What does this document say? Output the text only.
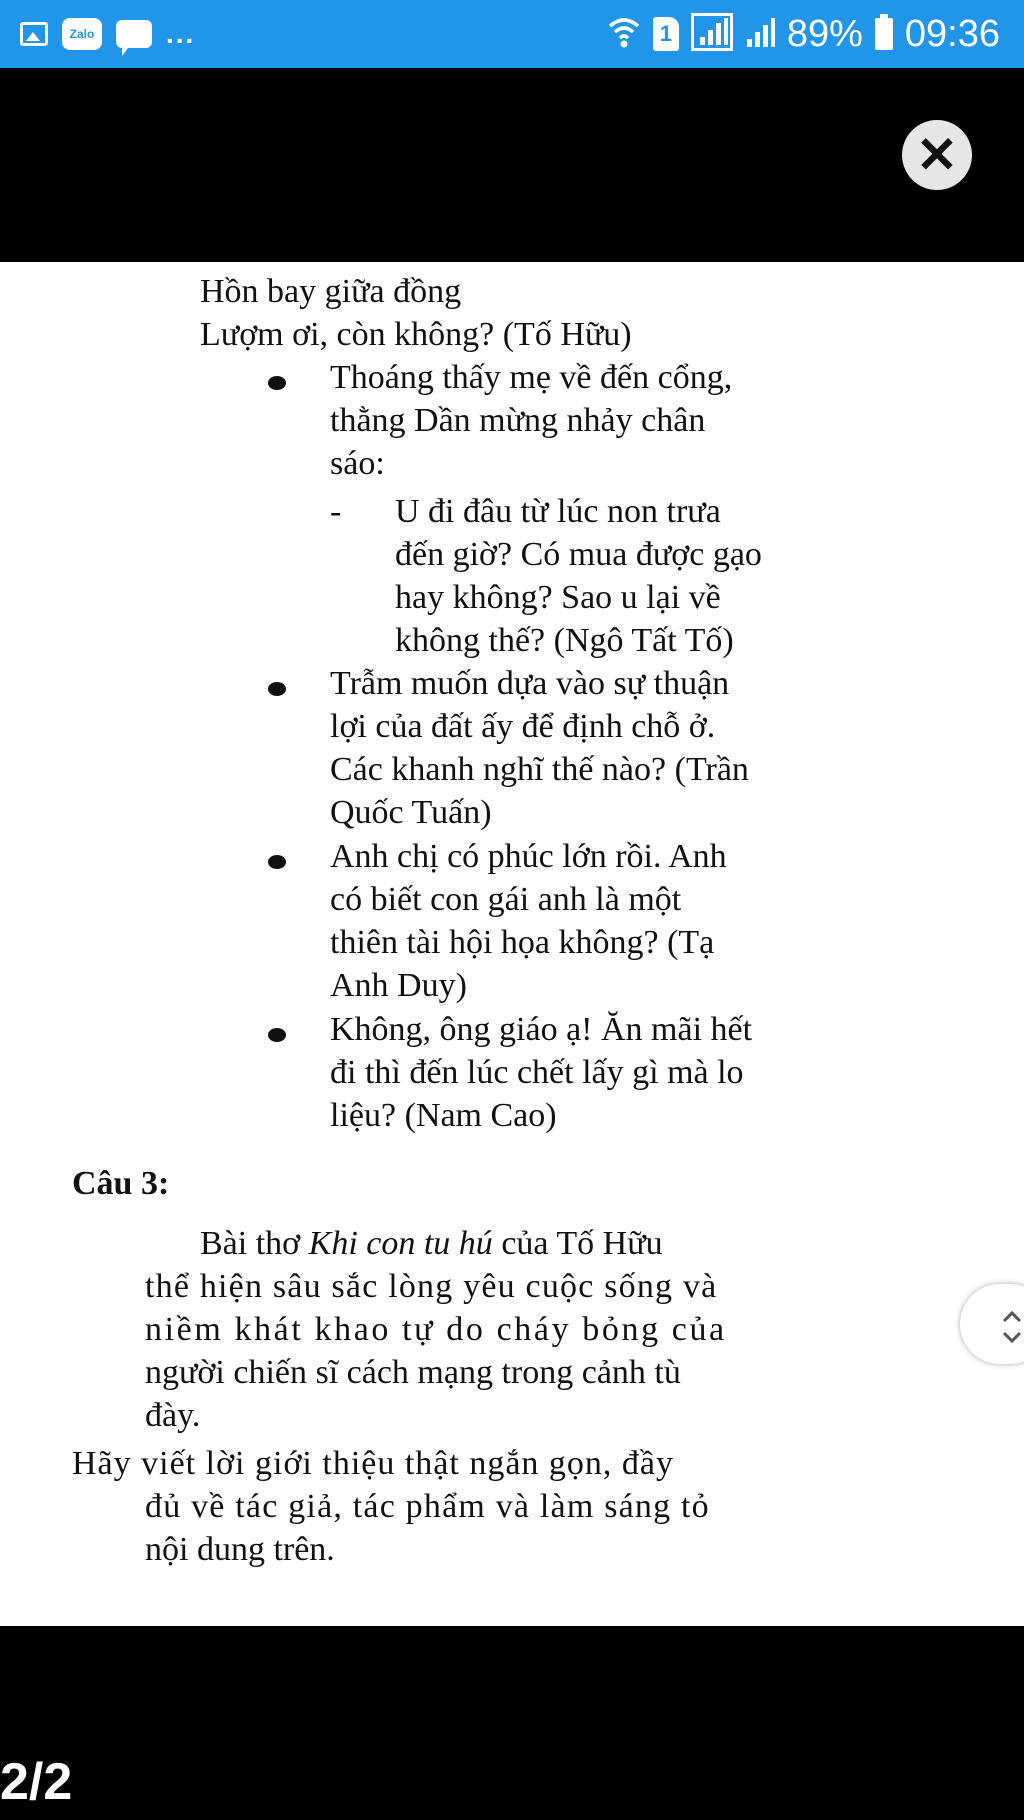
Zalo	...	1	89% 09:36
✕

Hồn bay giữa đồng

Lượm ơi, còn không? (Tố Hữu)

Thoáng thấy mẹ về đến cổng,

thằng Dần mừng nhảy chân

sáo:

- U đi đâu từ lúc non trưa

đến giờ? Có mua được gạo

hay không? Sao u lại về

không thế? (Ngô Tất Tố)

Trẫm muốn dựa vào sự thuận

lợi của đất ấy để định chỗ ở.

Các khanh nghĩ thế nào? (Trần

Quốc Tuấn)

Anh chị có phúc lớn rồi. Anh

có biết con gái anh là một

thiên tài hội họa không? (Tạ

Anh Duy)

Không, ông giáo ạ! Ăn mãi hết

đi thì đến lúc chết lấy gì mà lo

liệu? (Nam Cao)

Câu 3:

Bài thơ Khi con tu hú của Tố Hữu

thể hiện sâu sắc lòng yêu cuộc sống và

niềm khát khao tự do cháy bỏng của

người chiến sĩ cách mạng trong cảnh tù

đày.

Hãy viết lời giới thiệu thật ngắn gọn, đầy

đủ về tác giả, tác phẩm và làm sáng tỏ

nội dung trên.

2/2
